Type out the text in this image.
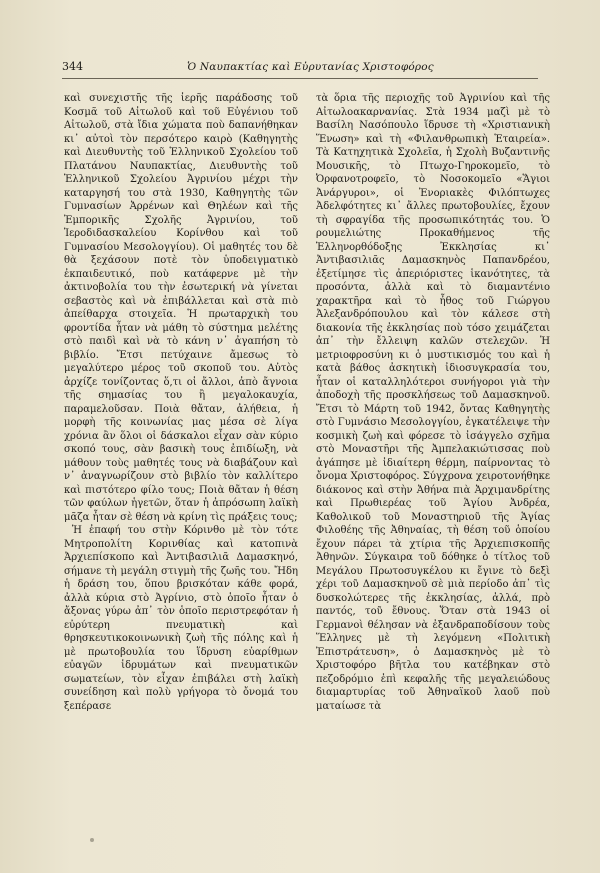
344	Ὁ Ναυπακτίας καὶ Εὐρυτανίας Χριστοφόρος

καὶ συνεχιστῆς τῆς ἱερῆς παράδοσης τοῦ Κοσμᾶ τοῦ Αἰτωλοῦ καὶ τοῦ Εὐγένιου τοῦ Αἰτωλοῦ, στὰ ἴδια χώματα ποὺ δαπανήθηκαν κι᾽ αὐτοὶ τὸν περσότερο καιρὸ (Καθηγητὴς καὶ Διευθυντὴς τοῦ Ἑλληνικοῦ Σχολείου τοῦ Πλατάνου Ναυπακτίας, Διευθυντὴς τοῦ Ἑλληνικοῦ Σχολείου Ἀγρινίου μέχρι τὴν καταργησή του στὰ 1930, Καθηγητὴς τῶν Γυμνασίων Ἀρρένων καὶ Θηλέων καὶ τῆς Ἐμπορικῆς Σχολῆς Ἀγρινίου, τοῦ Ἱεροδιδασκαλείου Κορίνθου καὶ τοῦ Γυμνασίου Μεσολογγίου). Οἱ μαθητές του δὲ θὰ ξεχάσουν ποτὲ τὸν ὑποδειγματικὸ ἐκπαιδευτικό, ποὺ κατάφερνε μὲ τὴν ἀκτινοβολία του τὴν ἐσωτερική νὰ γίνεται σεβαστὸς καὶ νὰ ἐπιβάλλεται καὶ στὰ πιὸ ἀπείθαρχα στοιχεῖα. Ἡ πρωταρχικὴ του φροντίδα ἦταν νὰ μάθη τὸ σύστημα μελέτης στὸ παιδὶ καὶ νὰ τὸ κάνη ν᾽ ἀγαπήση τὸ βιβλίο. Ἔτσι πετύχαινε ἄμεσως τὸ μεγαλύτερο μέρος τοῦ σκοποῦ του. Αὐτὸς ἀρχίζε τονίζοντας ὅ,τι οἱ ἄλλοι, ἀπὸ ἄγνοια τῆς σημασίας του ἢ μεγαλοκαυχία, παραμελοῦσαν. Ποιὰ θἄταν, ἀλήθεια, ἡ μορφὴ τῆς κοινωνίας μας μέσα σὲ λίγα χρόνια ἂν ὅλοι οἱ δάσκαλοι εἶχαν σὰν κύριο σκοπό τους, σὰν βασικὴ τους ἐπιδίωξη, νὰ μάθουν τοὺς μαθητές τους νὰ διαβάζουν καὶ ν᾽ ἀναγνωρίζουν στὸ βιβλίο τὸν καλλίτερο καὶ πιστότερο φίλο τους; Ποιὰ θἄταν ἡ θέση τῶν φαύλων ἡγετῶν, ὅταν ἡ ἀπρόσωπη λαϊκὴ μᾶζα ἦταν σὲ θέση νὰ κρίνη τὶς πράξεις τους;

Ἡ ἐπαφή του στὴν Κόρινθο μὲ τὸν τότε Μητροπολίτη Κορινθίας καὶ κατοπινὰ Ἀρχιεπίσκοπο καὶ Ἀντιβασιλιᾶ Δαμασκηνό, σήμανε τὴ μεγάλη στιγμὴ τῆς ζωῆς του. Ἤδη ἡ δράση του, ὅπου βρισκόταν κάθε φορά, ἀλλὰ κύρια στὸ Ἀγρίνιο, στὸ ὁποῖο ἦταν ὁ ἄξονας γύρω ἀπ᾽ τὸν ὁποῖο περιστρεφόταν ἡ εὐρύτερη πνευματικὴ καὶ θρησκευτικοκοινωνικὴ ζωὴ τῆς πόλης καὶ ἡ μὲ πρωτοβουλία του ἵδρυση εὐαρίθμων εὐαγῶν ἱδρυμάτων καὶ πνευματικῶν σωματείων, τὸν εἶχαν ἐπιβάλει στὴ λαϊκὴ συνείδηση καὶ πολὺ γρήγορα τὸ ὄνομά του ξεπέρασε

τὰ ὅρια τῆς περιοχῆς τοῦ Ἀγρινίου καὶ τῆς Αἰτωλοακαρνανίας. Στὰ 1934 μαζὶ μὲ τὸ Βασίλη Νασόπουλο ἵδρυσε τὴ «Χριστιανικὴ Ἕνωση» καὶ τὴ «Φιλανθρωπικὴ Ἑταιρεία». Τὰ Κατηχητικὰ Σχολεῖα, ἡ Σχολὴ Βυζαντινῆς Μουσικῆς, τὸ Πτωχο-Γηροκομεῖο, τὸ Ὀρφανοτροφεῖο, τὸ Νοσοκομεῖο «Ἅγιοι Ἀνάργυροι», οἱ Ἐνοριακὲς Φιλόπτωχες Ἀδελφότητες κι᾽ ἄλλες πρωτοβουλίες, ἔχουν τὴ σφραγίδα τῆς προσωπικότητάς του. Ὁ ρουμελιώτης Προκαθήμενος τῆς Ἑλληνορθόδοξης Ἐκκλησίας κι᾽ Ἀντιβασιλιᾶς Δαμασκηνὸς Παπανδρέου, ἐξετίμησε τὶς ἀπεριόριστες ἱκανότητες, τὰ προσόντα, ἀλλὰ καὶ τὸ διαμαντένιο χαρακτῆρα καὶ τὸ ἦθος τοῦ Γιώργου Ἀλεξανδρόπουλου καὶ τὸν κάλεσε στὴ διακονία τῆς ἐκκλησίας ποὺ τόσο χειμάζεται ἀπ᾽ τὴν ἔλλειψη καλῶν στελεχῶν. Ἡ μετριοφροσύνη κι ὁ μυστικισμός του καὶ ἡ κατὰ βάθος ἀσκητικὴ ἰδιοσυγκρασία του, ἦταν οἱ καταλληλότεροι συνήγοροι γιὰ τὴν ἀποδοχὴ τῆς προσκλήσεως τοῦ Δαμασκηνοῦ. Ἔτσι τὸ Μάρτη τοῦ 1942, ὄντας Καθηγητὴς στὸ Γυμνάσιο Μεσολογγίου, ἐγκατέλειψε τὴν κοσμικὴ ζωὴ καὶ φόρεσε τὸ ἰσάγγελο σχῆμα στὸ Μοναστῆρι τῆς Ἀμπελακιώτισσας ποὺ ἀγάπησε μὲ ἰδιαίτερη θέρμη, παίρνοντας τὸ ὄνομα Χριστοφόρος. Σύγχρονα χειροτονήθηκε διάκονος καὶ στὴν Ἀθήνα πιὰ Ἀρχιμανδρίτης καὶ Πρωθιερέας τοῦ Ἁγίου Ἀνδρέα, Καθολικοῦ τοῦ Μοναστηριοῦ τῆς Ἁγίας Φιλοθέης τῆς Ἀθηναίας, τὴ θέση τοῦ ὁποίου ἔχουν πάρει τὰ χτίρια τῆς Ἀρχιεπισκοπῆς Ἀθηνῶν. Σύγκαιρα τοῦ δόθηκε ὁ τίτλος τοῦ Μεγάλου Πρωτοσυγκέλου κι ἔγινε τὸ δεξὶ χέρι τοῦ Δαμασκηνοῦ σὲ μιὰ περίοδο ἀπ᾽ τὶς δυσκολώτερες τῆς ἐκκλησίας, ἀλλά, πρὸ παντός, τοῦ ἔθνους. Ὅταν στὰ 1943 οἱ Γερμανοὶ θέλησαν νὰ ἐξανδραποδίσουν τοὺς Ἕλληνες μὲ τὴ λεγόμενη «Πολιτικὴ Ἐπιστράτευση», ὁ Δαμασκηνὸς μὲ τὸ Χριστοφόρο βῆτλα του κατέβηκαν στὸ πεζοδρόμιο ἐπὶ κεφαλῆς τῆς μεγαλειώδους διαμαρτυρίας τοῦ Ἀθηναϊκοῦ λαοῦ ποὺ ματαίωσε τὰ
